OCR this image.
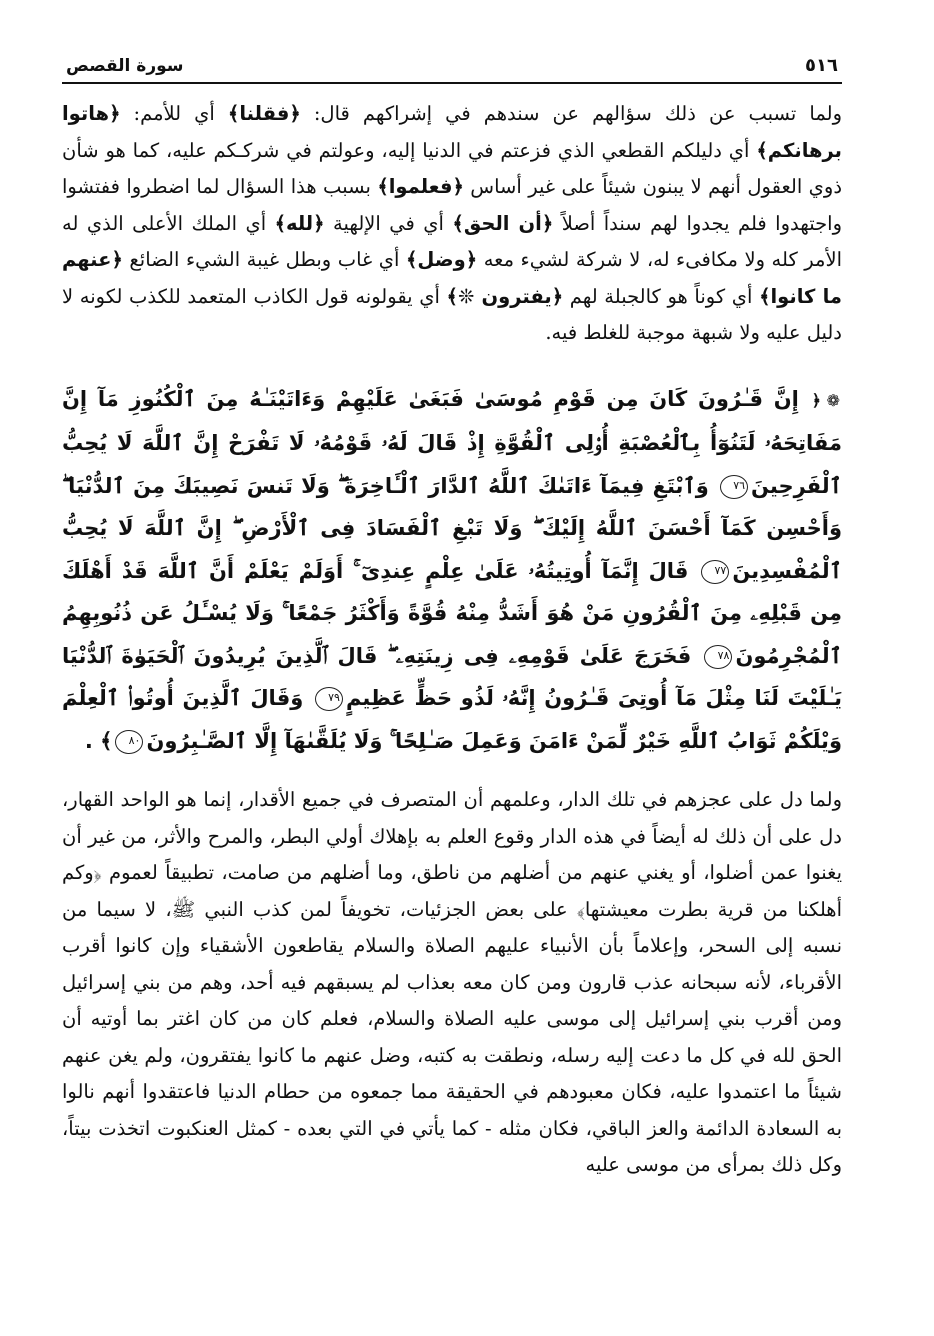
٥١٦
سورة القصص

ولما تسبب عن ذلك سؤالهم عن سندهم في إشراكهم قال: ﴿فقلنا﴾ أي للأمم: ﴿هاتوا برهانكم﴾ أي دليلكم القطعي الذي فزعتم في الدنيا إليه، وعولتم في شركـكم عليه، كما هو شأن ذوي العقول أنهم لا يبنون شيئاً على غير أساس ﴿فعلموا﴾ بسبب هذا السؤال لما اضطروا ففتشوا واجتهدوا فلم يجدوا لهم سنداً أصلاً ﴿أن الحق﴾ أي في الإلهية ﴿لله﴾ أي الملك الأعلى الذي له الأمر كله ولا مكافىء له، لا شركة لشيء معه ﴿وضل﴾ أي غاب وبطل غيبة الشيء الضائع ﴿عنهم ما كانوا﴾ أي كوناً هو كالجبلة لهم ﴿يفترون ❊﴾ أي يقولونه قول الكاذب المتعمد للكذب لكونه لا دليل عليه ولا شبهة موجبة للغلط فيه.

❁ ﴿ إِنَّ قَـٰرُونَ كَانَ مِن قَوْمِ مُوسَىٰ فَبَغَىٰ عَلَيْهِمْ وَءَاتَيْنَـٰهُ مِنَ ٱلْكُنُوزِ مَآ إِنَّ مَفَاتِحَهُۥ لَتَنُوٓأُ بِٱلْعُصْبَةِ أُو۟لِى ٱلْقُوَّةِ إِذْ قَالَ لَهُۥ قَوْمُهُۥ لَا تَفْرَحْ إِنَّ ٱللَّهَ لَا يُحِبُّ ٱلْفَرِحِينَ٧٦ وَٱبْتَغِ فِيمَآ ءَاتَىٰكَ ٱللَّهُ ٱلدَّارَ ٱلْـَٔاخِرَةَ ۖ وَلَا تَنسَ نَصِيبَكَ مِنَ ٱلدُّنْيَا ۖ وَأَحْسِن كَمَآ أَحْسَنَ ٱللَّهُ إِلَيْكَ ۖ وَلَا تَبْغِ ٱلْفَسَادَ فِى ٱلْأَرْضِ ۖ إِنَّ ٱللَّهَ لَا يُحِبُّ ٱلْمُفْسِدِينَ٧٧ قَالَ إِنَّمَآ أُوتِيتُهُۥ عَلَىٰ عِلْمٍ عِندِىٓ ۚ أَوَلَمْ يَعْلَمْ أَنَّ ٱللَّهَ قَدْ أَهْلَكَ مِن قَبْلِهِۦ مِنَ ٱلْقُرُونِ مَنْ هُوَ أَشَدُّ مِنْهُ قُوَّةً وَأَكْثَرُ جَمْعًا ۚ وَلَا يُسْـَٔلُ عَن ذُنُوبِهِمُ ٱلْمُجْرِمُونَ٧٨ فَخَرَجَ عَلَىٰ قَوْمِهِۦ فِى زِينَتِهِۦ ۖ قَالَ ٱلَّذِينَ يُرِيدُونَ ٱلْحَيَوٰةَ ٱلدُّنْيَا يَـٰلَيْتَ لَنَا مِثْلَ مَآ أُوتِىَ قَـٰرُونُ إِنَّهُۥ لَذُو حَظٍّ عَظِيمٍ٧٩ وَقَالَ ٱلَّذِينَ أُوتُوا۟ ٱلْعِلْمَ وَيْلَكُمْ ثَوَابُ ٱللَّهِ خَيْرٌ لِّمَنْ ءَامَنَ وَعَمِلَ صَـٰلِحًا ۚ وَلَا يُلَقَّىٰهَآ إِلَّا ٱلصَّـٰبِرُونَ٨٠﴾ .

ولما دل على عجزهم في تلك الدار، وعلمهم أن المتصرف في جميع الأقدار، إنما هو الواحد القهار، دل على أن ذلك له أيضاً في هذه الدار وقوع العلم به بإهلاك أولي البطر، والمرح والأثر، من غير أن يغنوا عمن أضلوا، أو يغني عنهم من أضلهم من ناطق، وما أضلهم من صامت، تطبيقاً لعموم ﴿وكم أهلكنا من قرية بطرت معيشتها﴾ على بعض الجزئيات، تخويفاً لمن كذب النبي ﷺ، لا سيما من نسبه إلى السحر، وإعلاماً بأن الأنبياء عليهم الصلاة والسلام يقاطعون الأشقياء وإن كانوا أقرب الأقرباء، لأنه سبحانه عذب قارون ومن كان معه بعذاب لم يسبقهم فيه أحد، وهم من بني إسرائيل ومن أقرب بني إسرائيل إلى موسى عليه الصلاة والسلام، فعلم كان من كان اغتر بما أوتيه أن الحق لله في كل ما دعت إليه رسله، ونطقت به كتبه، وضل عنهم ما كانوا يفتقرون، ولم يغن عنهم شيئاً ما اعتمدوا عليه، فكان معبودهم في الحقيقة مما جمعوه من حطام الدنيا فاعتقدوا أنهم نالوا به السعادة الدائمة والعز الباقي، فكان مثله - كما يأتي في التي بعده - كمثل العنكبوت اتخذت بيتاً، وكل ذلك بمرأى من موسى عليه
